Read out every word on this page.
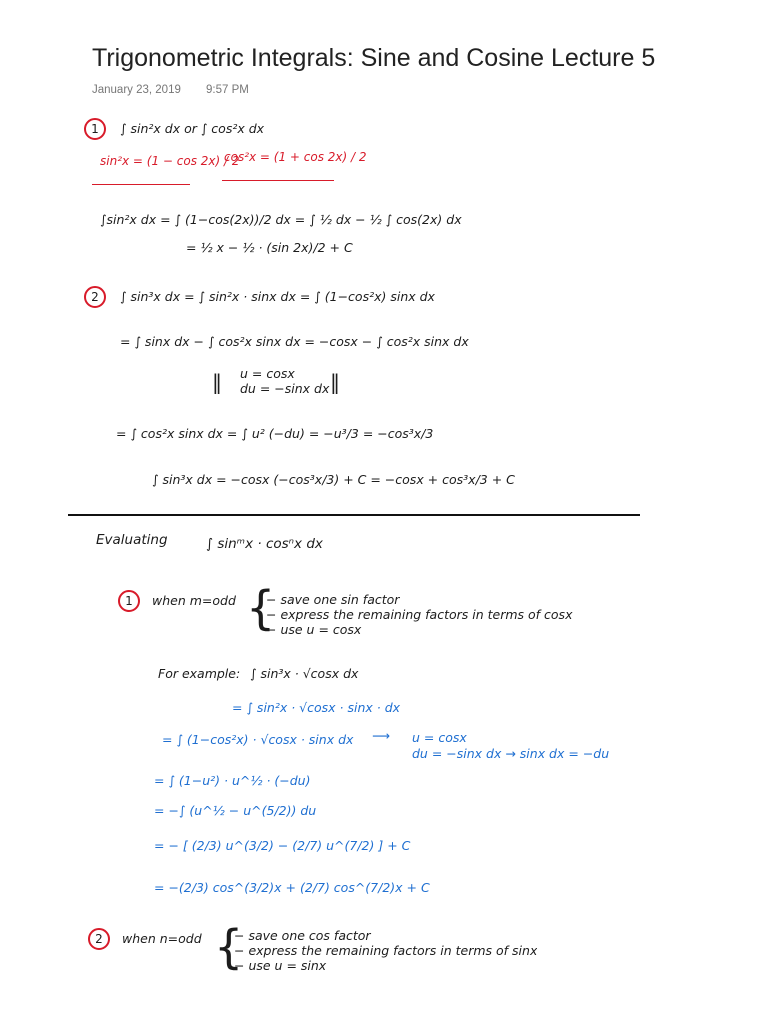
Trigonometric Integrals: Sine and Cosine Lecture 5
January 23, 2019 9:57 PM
1 ∫ sin²x dx or ∫ cos²x dx
sin²x = (1 − cos 2x) / 2
cos²x = (1 + cos 2x) / 2
∫sin²x dx = ∫ (1−cos(2x))/2 dx = ∫ ½ dx − ½ ∫ cos(2x) dx
= ½ x − ½ · (sin 2x)/2 + C
2 ∫ sin³x dx = ∫ sin²x · sinx dx = ∫ (1−cos²x) sinx dx
= ∫ sinx dx − ∫ cos²x sinx dx = −cosx − ∫ cos²x sinx dx
‖ u = cosx
du = −sinx dx ‖
= ∫ cos²x sinx dx = ∫ u² (−du) = −u³/3 = −cos³x/3
∫ sin³x dx = −cosx (−cos³x/3) + C = −cosx + cos³x/3 + C
Evaluating	∫ sinᵐx · cosⁿx dx
1 when m=odd {
− save one sin factor
− express the remaining factors in terms of cosx
− use u = cosx
For example: ∫ sin³x · √cosx dx
= ∫ sin²x · √cosx · sinx · dx
= ∫ (1−cos²x) · √cosx · sinx dx ⟶ u = cosx
du = −sinx dx → sinx dx = −du
= ∫ (1−u²) · u^½ · (−du)
= −∫ (u^½ − u^(5/2)) du
= − [ (2/3) u^(3/2) − (2/7) u^(7/2) ] + C
= −(2/3) cos^(3/2)x + (2/7) cos^(7/2)x + C
2 when n=odd {
− save one cos factor
− express the remaining factors in terms of sinx
− use u = sinx
